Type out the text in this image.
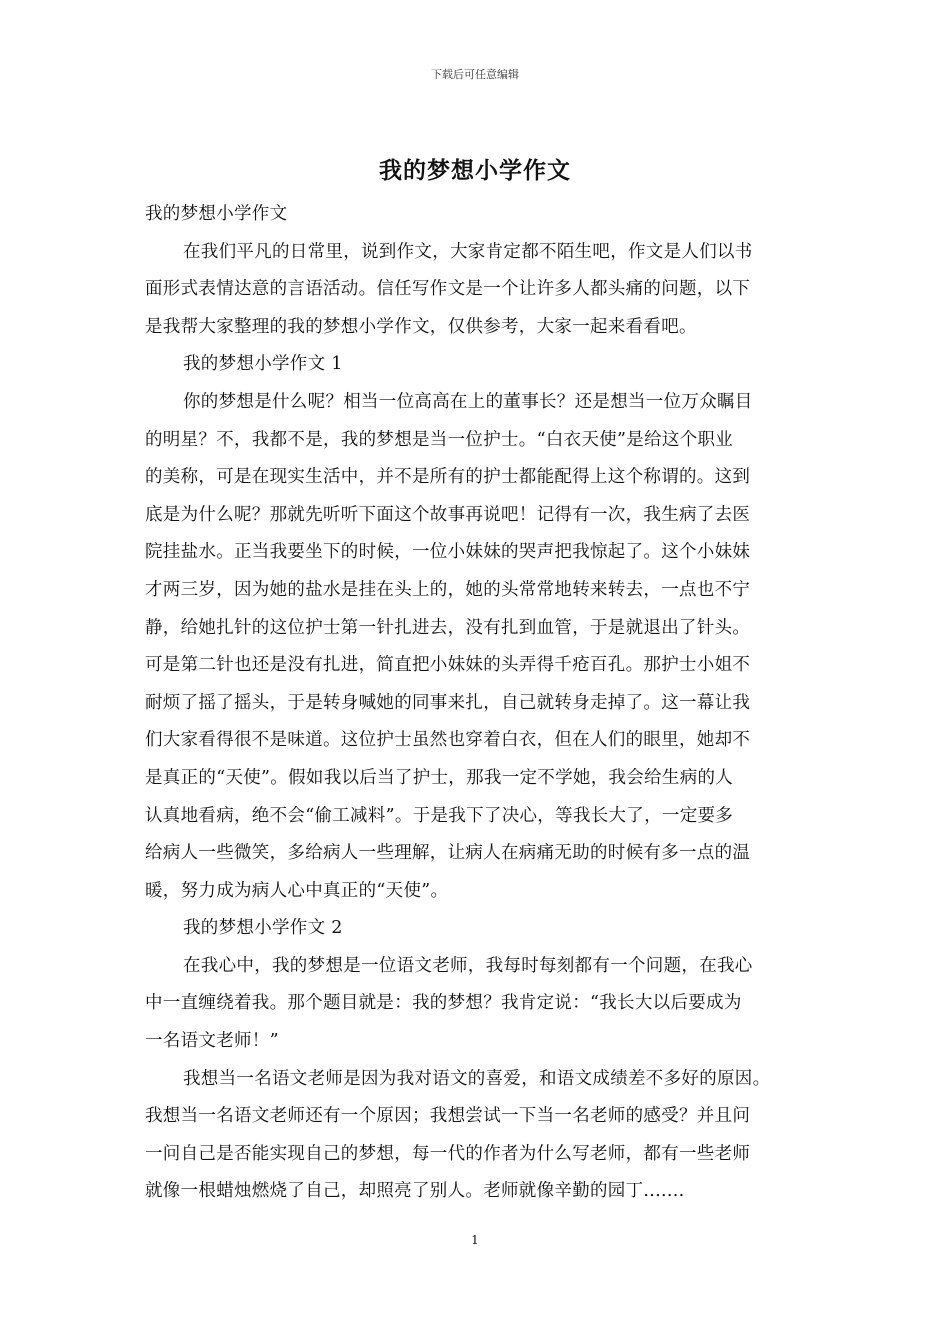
下载后可任意编辑
我的梦想小学作文
我的梦想小学作文
在我们平凡的日常里，说到作文，大家肯定都不陌生吧，作文是人们以书
面形式表情达意的言语活动。信任写作文是一个让许多人都头痛的问题，以下
是我帮大家整理的我的梦想小学作文，仅供参考，大家一起来看看吧。
我的梦想小学作文 1
你的梦想是什么呢？相当一位高高在上的董事长？还是想当一位万众瞩目
的明星？不，我都不是，我的梦想是当一位护士。“白衣天使”是给这个职业
的美称，可是在现实生活中，并不是所有的护士都能配得上这个称谓的。这到
底是为什么呢？那就先听听下面这个故事再说吧！记得有一次，我生病了去医
院挂盐水。正当我要坐下的时候，一位小妹妹的哭声把我惊起了。这个小妹妹
才两三岁，因为她的盐水是挂在头上的，她的头常常地转来转去，一点也不宁
静，给她扎针的这位护士第一针扎进去，没有扎到血管，于是就退出了针头。
可是第二针也还是没有扎进，简直把小妹妹的头弄得千疮百孔。那护士小姐不
耐烦了摇了摇头，于是转身喊她的同事来扎，自己就转身走掉了。这一幕让我
们大家看得很不是味道。这位护士虽然也穿着白衣，但在人们的眼里，她却不
是真正的“天使”。假如我以后当了护士，那我一定不学她，我会给生病的人
认真地看病，绝不会“偷工减料”。于是我下了决心，等我长大了，一定要多
给病人一些微笑，多给病人一些理解，让病人在病痛无助的时候有多一点的温
暖，努力成为病人心中真正的“天使”。
我的梦想小学作文 2
在我心中，我的梦想是一位语文老师，我每时每刻都有一个问题，在我心
中一直缠绕着我。那个题目就是：我的梦想？我肯定说：“我长大以后要成为
一名语文老师！”
我想当一名语文老师是因为我对语文的喜爱，和语文成绩差不多好的原因。
我想当一名语文老师还有一个原因；我想尝试一下当一名老师的感受？并且问
一问自己是否能实现自己的梦想，每一代的作者为什么写老师，都有一些老师
就像一根蜡烛燃烧了自己，却照亮了别人。老师就像辛勤的园丁.......
1
